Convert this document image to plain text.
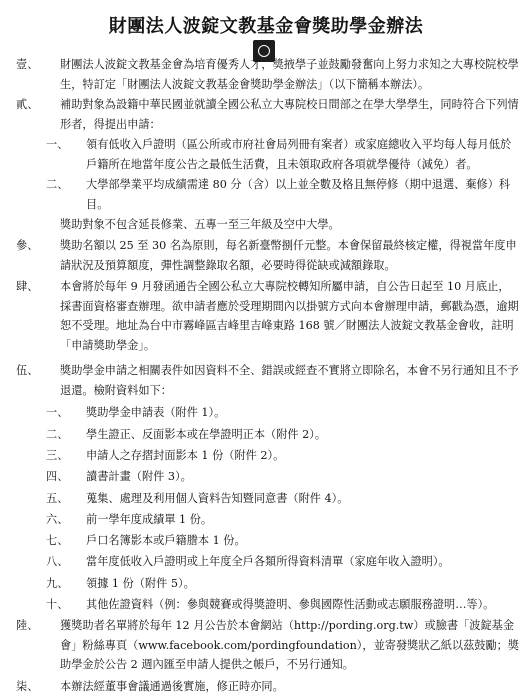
財團法人波錠文教基金會獎助學金辦法
壹、	財團法人波錠文教基金會為培育優秀人才，獎掖學子並鼓勵發奮向上努力求知之大專校院校學生，特訂定「財團法人波錠文教基金會獎助學金辦法」（以下簡稱本辦法）。
貳、	補助對象為設籍中華民國並就讀全國公私立大專院校日間部之在學大學學生，同時符合下列情形者，得提出申請：
一、	領有低收入戶證明（區公所或市府社會局列冊有案者）或家庭總收入平均每人每月低於戶籍所在地當年度公告之最低生活費，且未領取政府各項就學優待（減免）者。
二、	大學部學業平均成績需達 80 分（含）以上並全數及格且無停修（期中退選、棄修）科目。
獎助對象不包含延長修業、五專一至三年級及空中大學。
參、	獎助名額以 25 至 30 名為原則，每名新臺幣捌仟元整。本會保留最終核定權，得視當年度申請狀況及預算額度，彈性調整錄取名額，必要時得從缺或減額錄取。
肆、	本會將於每年 9 月發函通告全國公私立大專院校轉知所屬申請，自公告日起至 10 月底止，採書面資格審查辦理。欲申請者應於受理期間內以掛號方式向本會辦理申請，郵戳為憑，逾期恕不受理。地址為台中市霧峰區吉峰里吉峰東路 168 號／財團法人波錠文教基金會收，註明「申請獎助學金」。
伍、	獎助學金申請之相關表件如因資料不全、錯誤或經查不實將立即除名，本會不另行通知且不予退還。檢附資料如下：
一、	獎助學金申請表（附件 1）。
二、	學生證正、反面影本或在學證明正本（附件 2）。
三、	申請人之存摺封面影本 1 份（附件 2）。
四、	讀書計畫（附件 3）。
五、	蒐集、處理及利用個人資料告知暨同意書（附件 4）。
六、	前一學年度成績單 1 份。
七、	戶口名簿影本或戶籍謄本 1 份。
八、	當年度低收入戶證明或上年度全戶各類所得資料清單（家庭年收入證明）。
九、	領據 1 份（附件 5）。
十、	其他佐證資料（例：參與競賽或得獎證明、參與國際性活動或志願服務證明…等）。
陸、	獲獎助者名單將於每年 12 月公告於本會網站（http://pording.org.tw）或臉書「波錠基金會」粉絲專頁（www.facebook.com/pordingfoundation），並寄發獎狀乙紙以茲鼓勵；獎助學金於公告 2 週內匯至申請人提供之帳戶，不另行通知。
柒、	本辦法經董事會議通過後實施，修正時亦同。
